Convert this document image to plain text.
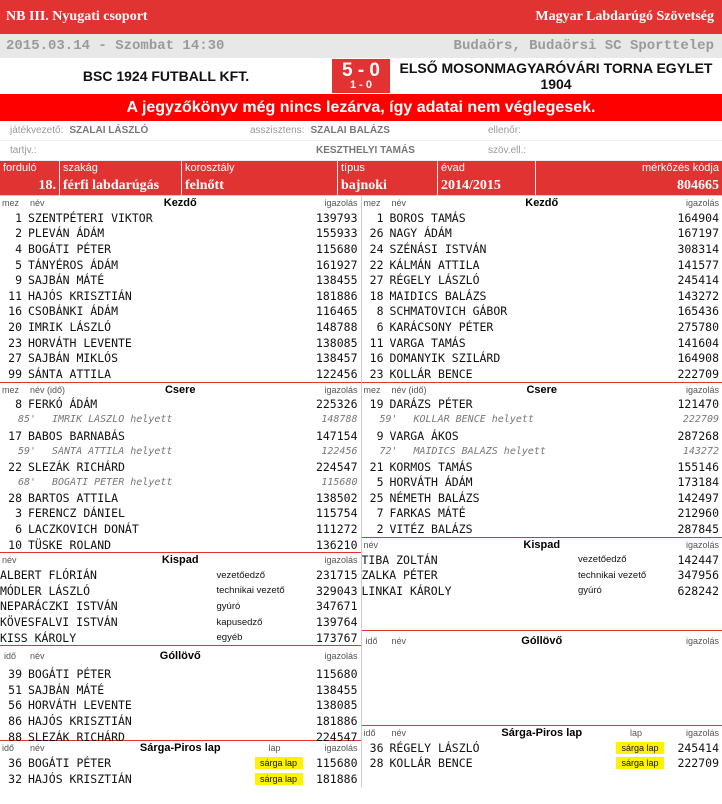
NB III. Nyugati csoport	Magyar Labdarúgó Szövetség
2015.03.14 - Szombat 14:30	Budaörs, Budaörsi SC Sporttelep
BSC 1924 FUTBALL KFT.	5 - 0
1 - 0
ELSŐ MOSONMAGYARÓVÁRI TORNA EGYLET 1904
A jegyzőkönyv még nincs lezárva, így adatai nem véglegesek.
játékvezető: SZALAI LÁSZLÓ	asszisztens: SZALAI BALÁZS	ellenőr:
tartjv.:	KESZTHELYI TAMÁS	szöv.ell.:
forduló
18.
szakág
férfi labdarúgás
korosztály
felnőtt
típus
bajnoki
évad
2014/2015
mérkőzés kódja
804665
mez	név	igazolás
Kezdő
1 SZENTPÉTERI VIKTOR	139793
2 PLEVÁN ÁDÁM	155933
4 BOGÁTI PÉTER	115680
5 TÁNYÉROS ÁDÁM	161927
9 SAJBÁN MÁTÉ	138455
11 HAJÓS KRISZTIÁN	181886
16 CSOBÁNKI ÁDÁM	116465
20 IMRIK LÁSZLÓ	148788
23 HORVÁTH LEVENTE	138085
27 SAJBÁN MIKLÓS	138457
99 SÁNTA ATTILA	122456
mez	név (idő)	igazolás
Csere
8 FERKÓ ÁDÁM	225326
85'	IMRIK LÁSZLÓ helyett	148788
17 BABOS BARNABÁS	147154
59'	SÁNTA ATTILA helyett	122456
22 SLEZÁK RICHÁRD	224547
68'	BOGÁTI PÉTER helyett	115680
28 BARTOS ATTILA	138502
3 FERENCZ DÁNIEL	115754
6 LACZKOVICH DONÁT	111272
10 TÜSKE ROLAND	136210
név	igazolás
Kispad
ALBERT FLÓRIÁN	vezetőedző	231715
MÓDLER LÁSZLÓ	technikai vezető	329043
NEPARÁCZKI ISTVÁN	gyúró	347671
KÖVESFALVI ISTVÁN	kapusedző	139764
KISS KÁROLY	egyéb	173767
idő	név	igazolás
Góllövő
39 BOGÁTI PÉTER	115680
51 SAJBÁN MÁTÉ	138455
56 HORVÁTH LEVENTE	138085
86 HAJÓS KRISZTIÁN	181886
88 SLEZÁK RICHÁRD	224547
idő	név	lap	igazolás
Sárga-Piros lap
36 BOGÁTI PÉTER	sárga lap	115680
32 HAJÓS KRISZTIÁN	sárga lap	181886
mez	név	igazolás
Kezdő
1 BOROS TAMÁS	164904
26 NAGY ÁDÁM	167197
24 SZÉNÁSI ISTVÁN	308314
22 KÁLMÁN ATTILA	141577
27 RÉGELY LÁSZLÓ	245414
18 MAIDICS BALÁZS	143272
8 SCHMATOVICH GÁBOR	165436
6 KARÁCSONY PÉTER	275780
11 VARGA TAMÁS	141604
16 DOMANYIK SZILÁRD	164908
23 KOLLÁR BENCE	222709
mez	név (idő)	igazolás
Csere
19 DARÁZS PÉTER	121470
59'	KOLLÁR BENCE helyett	222709
9 VARGA ÁKOS	287268
72'	MAIDICS BALÁZS helyett	143272
21 KORMOS TAMÁS	155146
5 HORVÁTH ÁDÁM	173184
25 NÉMETH BALÁZS	142497
7 FARKAS MÁTÉ	212960
2 VITÉZ BALÁZS	287845
név	igazolás
Kispad
TIBA ZOLTÁN	vezetőedző	142447
ZALKA PÉTER	technikai vezető	347956
LINKAI KÁROLY	gyúró	628242
idő	név	igazolás
Góllövő
idő	név	lap	igazolás
Sárga-Piros lap
36 RÉGELY LÁSZLÓ	sárga lap	245414
28 KOLLÁR BENCE	sárga lap	222709
